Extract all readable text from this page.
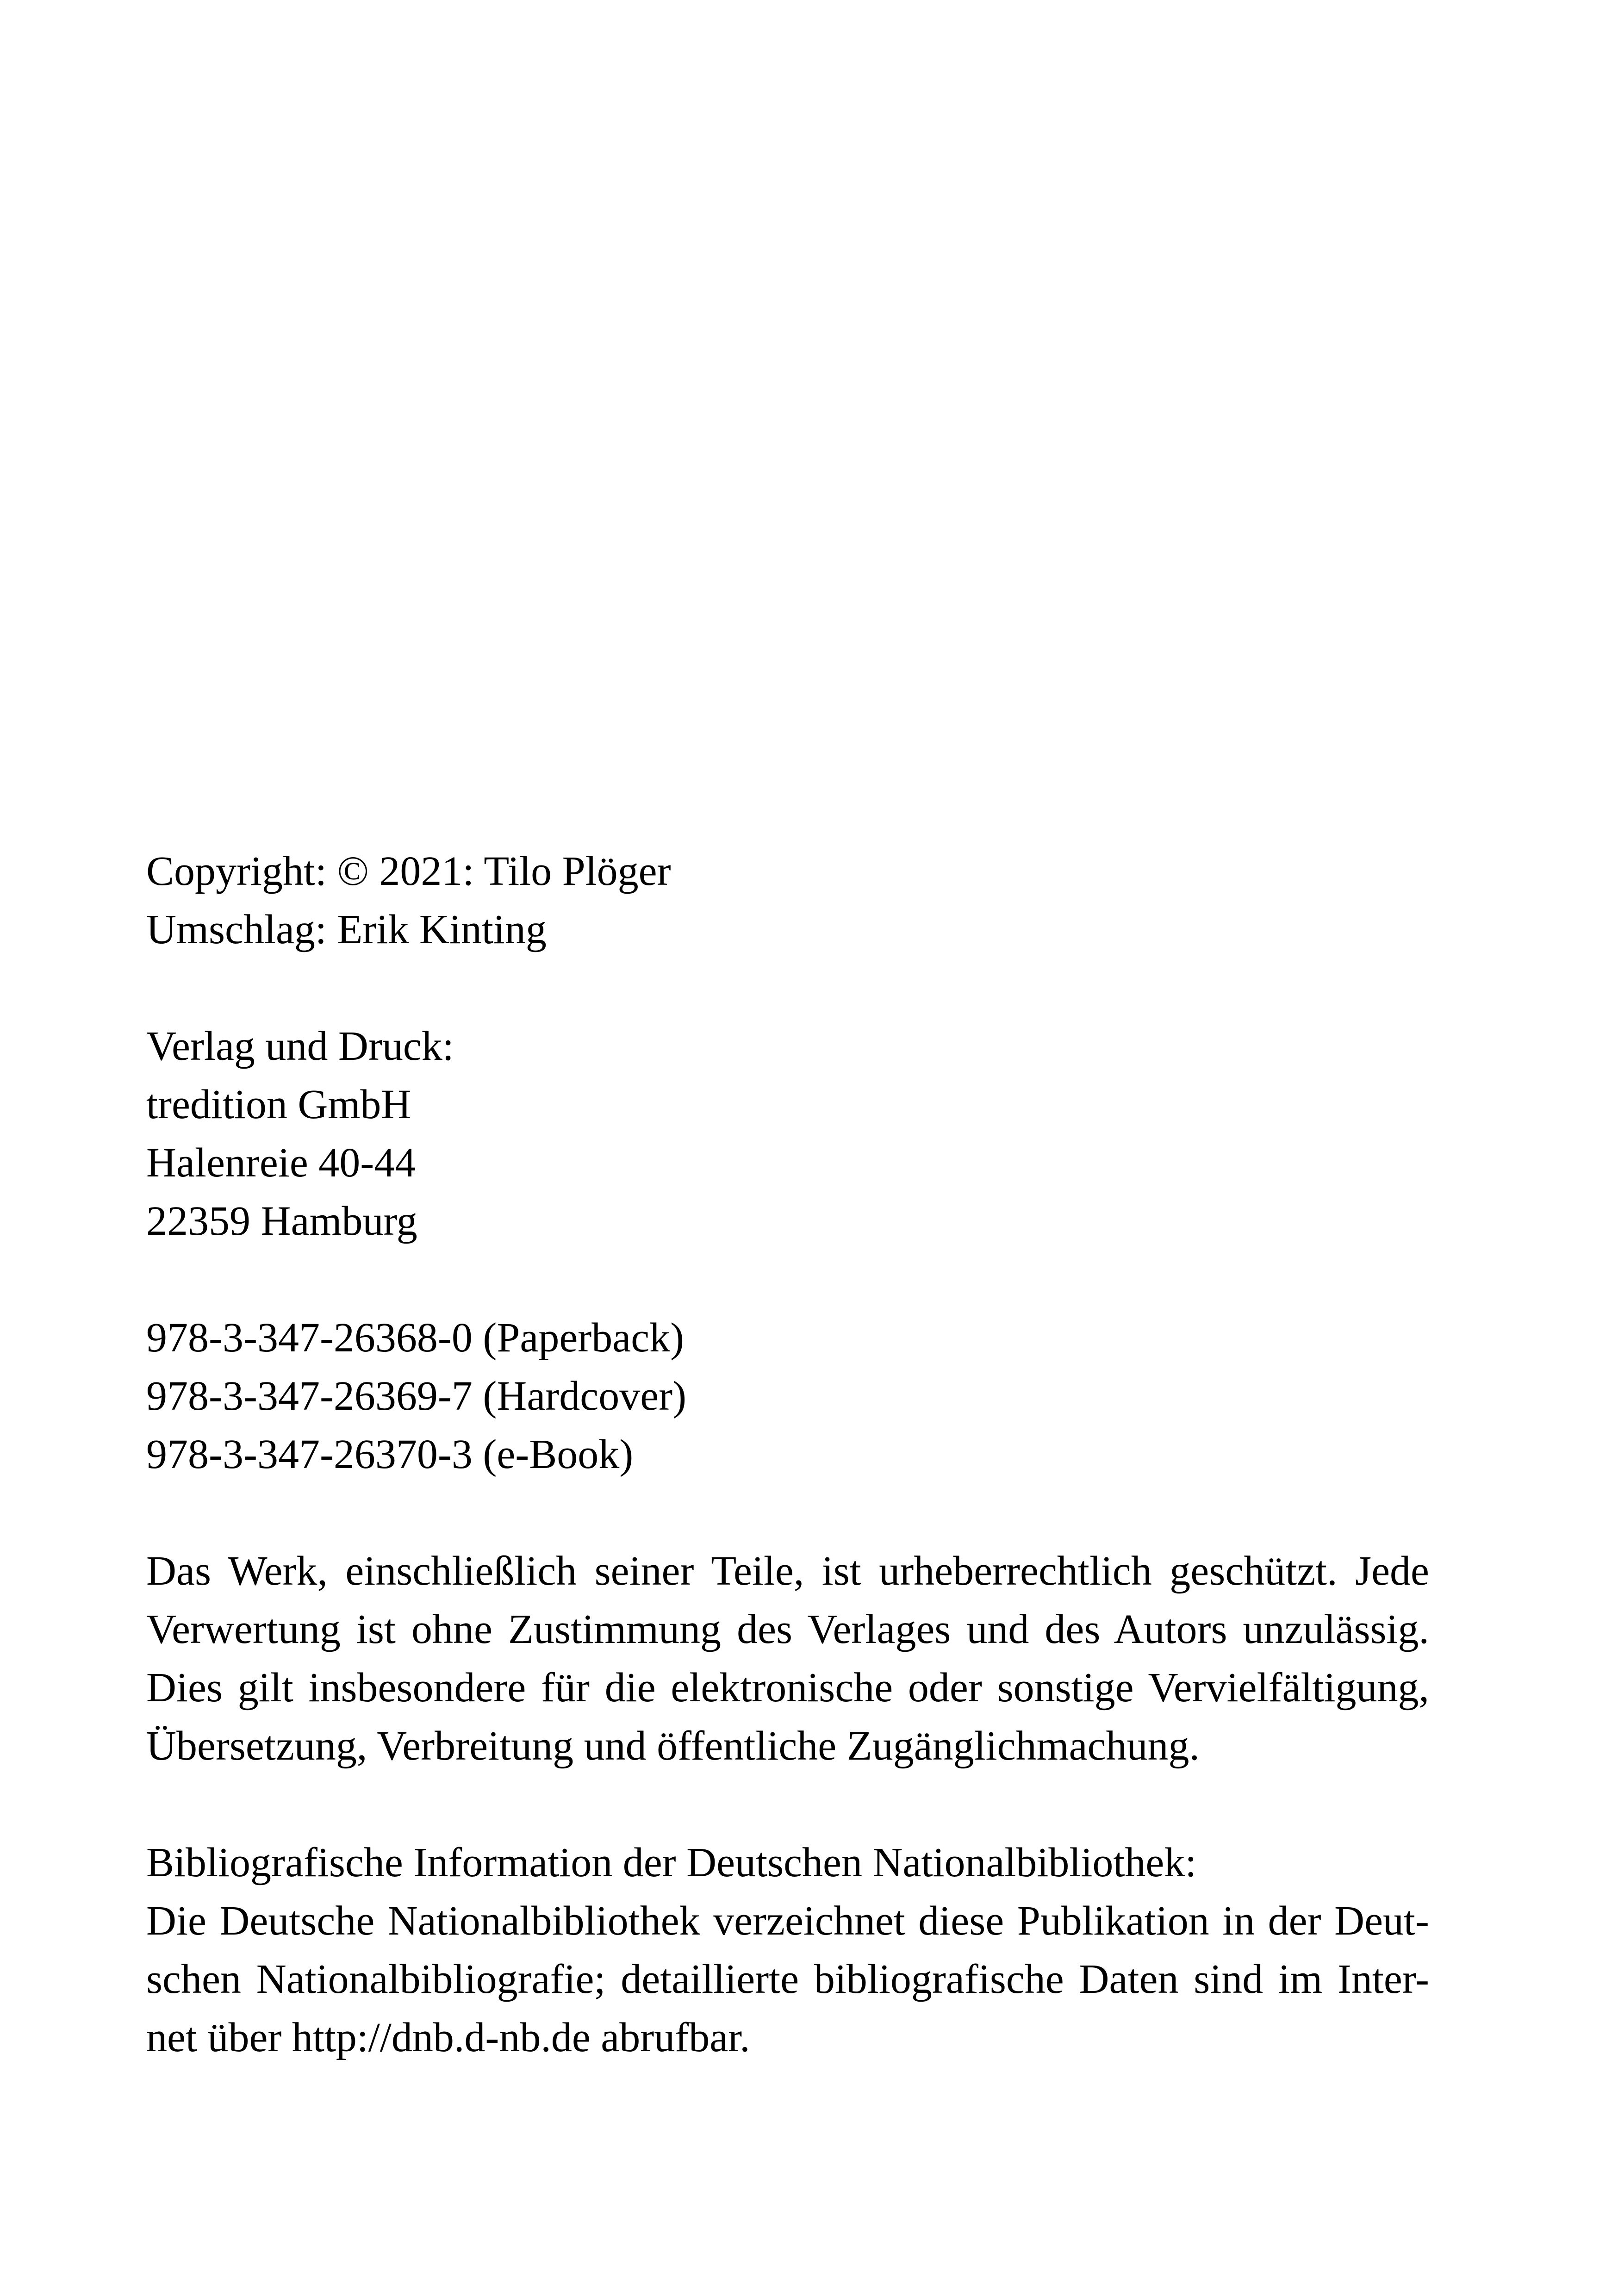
Copyright: © 2021: Tilo Plöger
Umschlag: Erik Kinting
Verlag und Druck:
tredition GmbH
Halenreie 40-44
22359 Hamburg
978-3-347-26368-0 (Paperback)
978-3-347-26369-7 (Hardcover)
978-3-347-26370-3 (e-Book)
Das Werk, einschließlich seiner Teile, ist urheberrechtlich geschützt. Jede
Verwertung ist ohne Zustimmung des Verlages und des Autors unzulässig.
Dies gilt insbesondere für die elektronische oder sonstige Vervielfältigung,
Übersetzung, Verbreitung und öffentliche Zugänglichmachung.
Bibliografische Information der Deutschen Nationalbibliothek:
Die Deutsche Nationalbibliothek verzeichnet diese Publikation in der Deut-
schen Nationalbibliografie; detaillierte bibliografische Daten sind im Inter-
net über http://dnb.d-nb.de abrufbar.
